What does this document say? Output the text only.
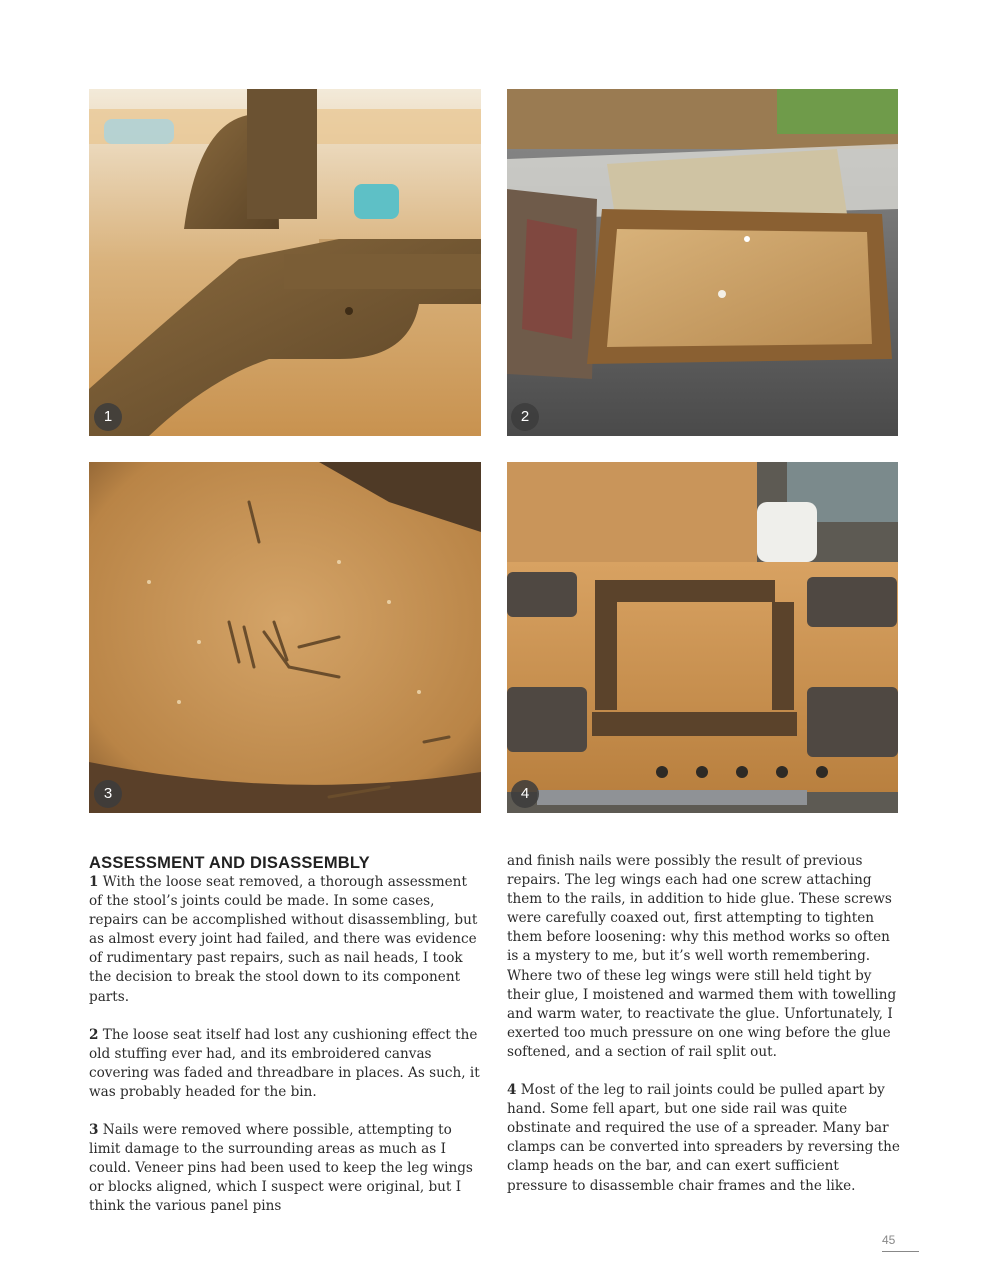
1	2
3	4
ASSESSMENT AND DISASSEMBLY

1 With the loose seat removed, a thorough assessment of the stool’s joints could be made. In some cases, repairs can be accomplished without disassembling, but as almost every joint had failed, and there was evidence of rudimentary past repairs, such as nail heads, I took the decision to break the stool down to its component parts.

2 The loose seat itself had lost any cushioning effect the old stuffing ever had, and its embroidered canvas covering was faded and threadbare in places. As such, it was probably headed for the bin.

3 Nails were removed where possible, attempting to limit damage to the surrounding areas as much as I could. Veneer pins had been used to keep the leg wings or blocks aligned, which I suspect were original, but I think the various panel pins

and finish nails were possibly the result of previous repairs. The leg wings each had one screw attaching them to the rails, in addition to hide glue. These screws were carefully coaxed out, first attempting to tighten them before loosening: why this method works so often is a mystery to me, but it’s well worth remembering. Where two of these leg wings were still held tight by their glue, I moistened and warmed them with towelling and warm water, to reactivate the glue. Unfortunately, I exerted too much pressure on one wing before the glue softened, and a section of rail split out.

4 Most of the leg to rail joints could be pulled apart by hand. Some fell apart, but one side rail was quite obstinate and required the use of a spreader. Many bar clamps can be converted into spreaders by reversing the clamp heads on the bar, and can exert sufficient pressure to disassemble chair frames and the like.

45
